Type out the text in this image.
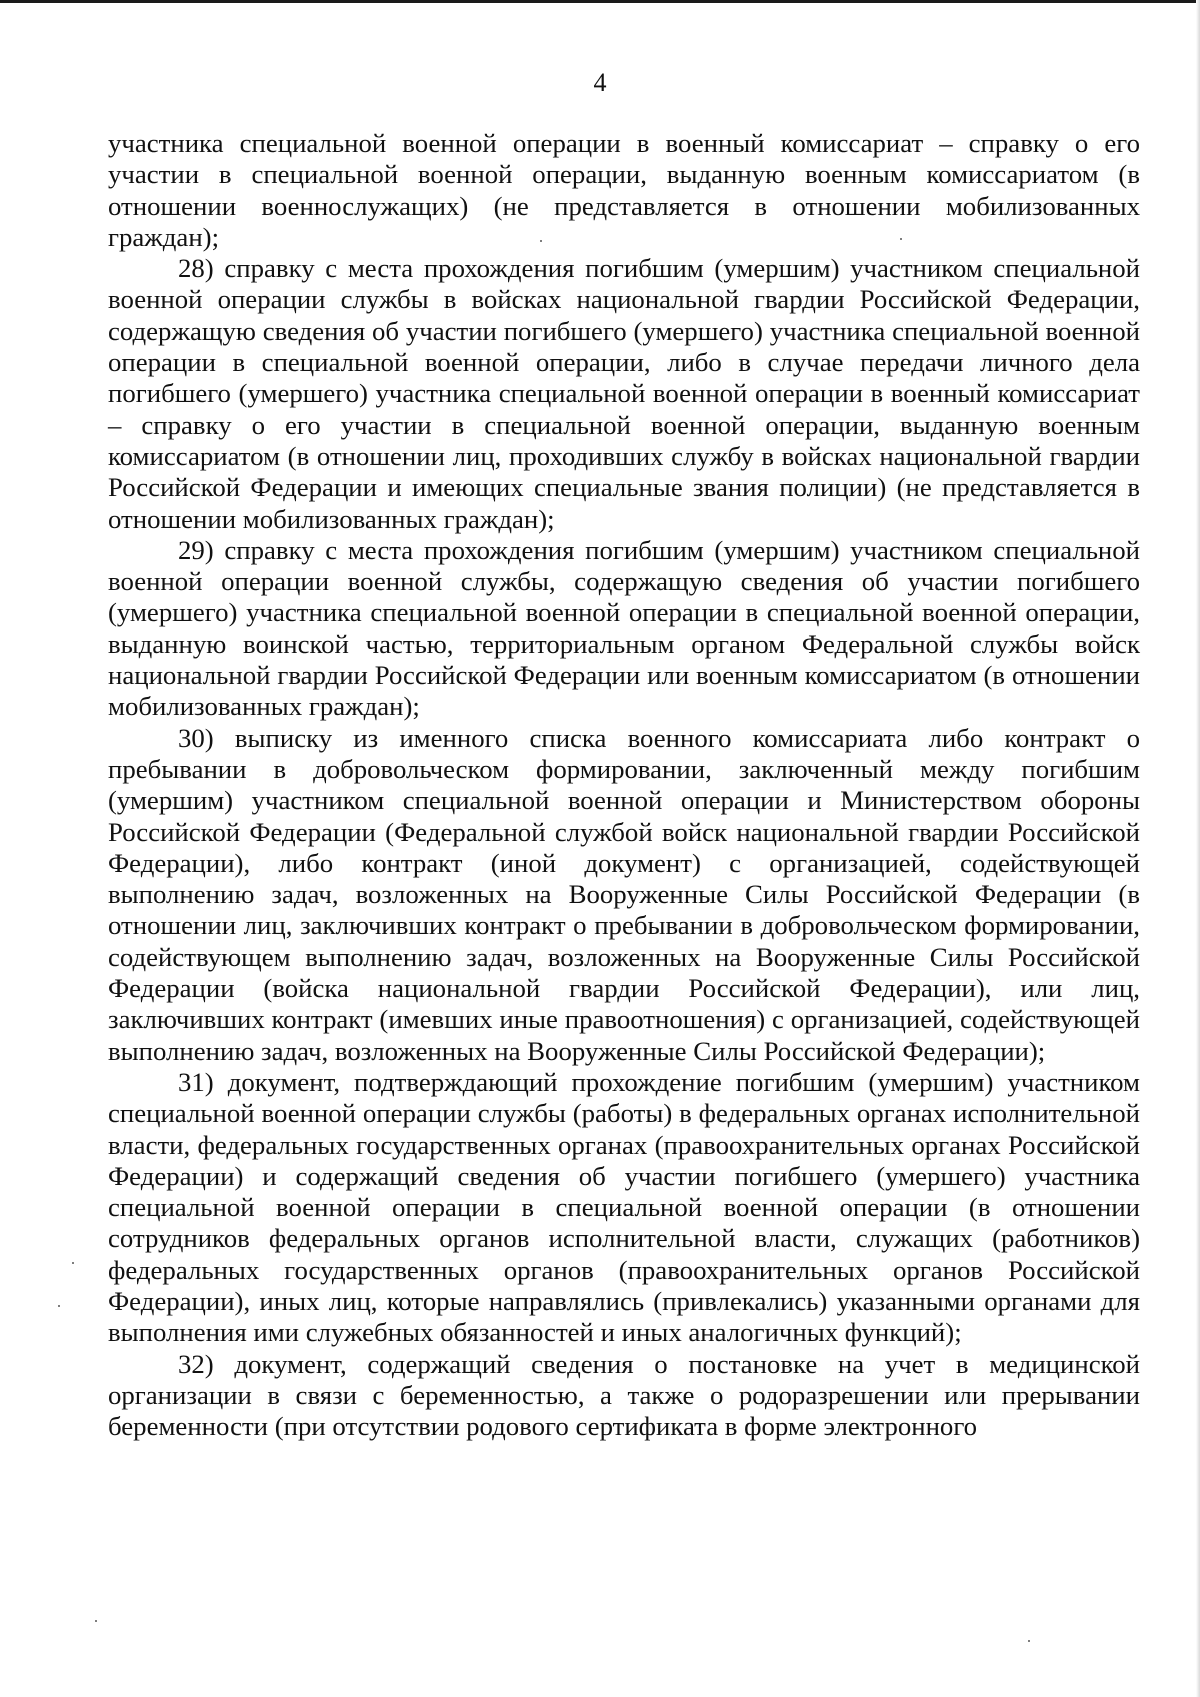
4

участника специальной военной операции в военный комиссариат – справку о его участии в специальной военной операции, выданную военным комиссариатом (в отношении военнослужащих) (не представляется в отношении мобилизованных граждан);

28) справку с места прохождения погибшим (умершим) участником специальной военной операции службы в войсках национальной гвардии Российской Федерации, содержащую сведения об участии погибшего (умершего) участника специальной военной операции в специальной военной операции, либо в случае передачи личного дела погибшего (умершего) участника специальной военной операции в военный комиссариат – справку о его участии в специальной военной операции, выданную военным комиссариатом (в отношении лиц, проходивших службу в войсках национальной гвардии Российской Федерации и имеющих специальные звания полиции) (не представляется в отношении мобилизованных граждан);

29) справку с места прохождения погибшим (умершим) участником специальной военной операции военной службы, содержащую сведения об участии погибшего (умершего) участника специальной военной операции в специальной военной операции, выданную воинской частью, территориальным органом Федеральной службы войск национальной гвардии Российской Федерации или военным комиссариатом (в отношении мобилизованных граждан);

30) выписку из именного списка военного комиссариата либо контракт о пребывании в добровольческом формировании, заключенный между погибшим (умершим) участником специальной военной операции и Министерством обороны Российской Федерации (Федеральной службой войск национальной гвардии Российской Федерации), либо контракт (иной документ) с организацией, содействующей выполнению задач, возложенных на Вооруженные Силы Российской Федерации (в отношении лиц, заключивших контракт о пребывании в добровольческом формировании, содействующем выполнению задач, возложенных на Вооруженные Силы Российской Федерации (войска национальной гвардии Российской Федерации), или лиц, заключивших контракт (имевших иные правоотношения) с организацией, содействующей выполнению задач, возложенных на Вооруженные Силы Российской Федерации);

31) документ, подтверждающий прохождение погибшим (умершим) участником специальной военной операции службы (работы) в федеральных органах исполнительной власти, федеральных государственных органах (правоохранительных органах Российской Федерации) и содержащий сведения об участии погибшего (умершего) участника специальной военной операции в специальной военной операции (в отношении сотрудников федеральных органов исполнительной власти, служащих (работников) федеральных государственных органов (правоохранительных органов Российской Федерации), иных лиц, которые направлялись (привлекались) указанными органами для выполнения ими служебных обязанностей и иных аналогичных функций);

32) документ, содержащий сведения о постановке на учет в медицинской организации в связи с беременностью, а также о родоразрешении или прерывании беременности (при отсутствии родового сертификата в форме электронного
